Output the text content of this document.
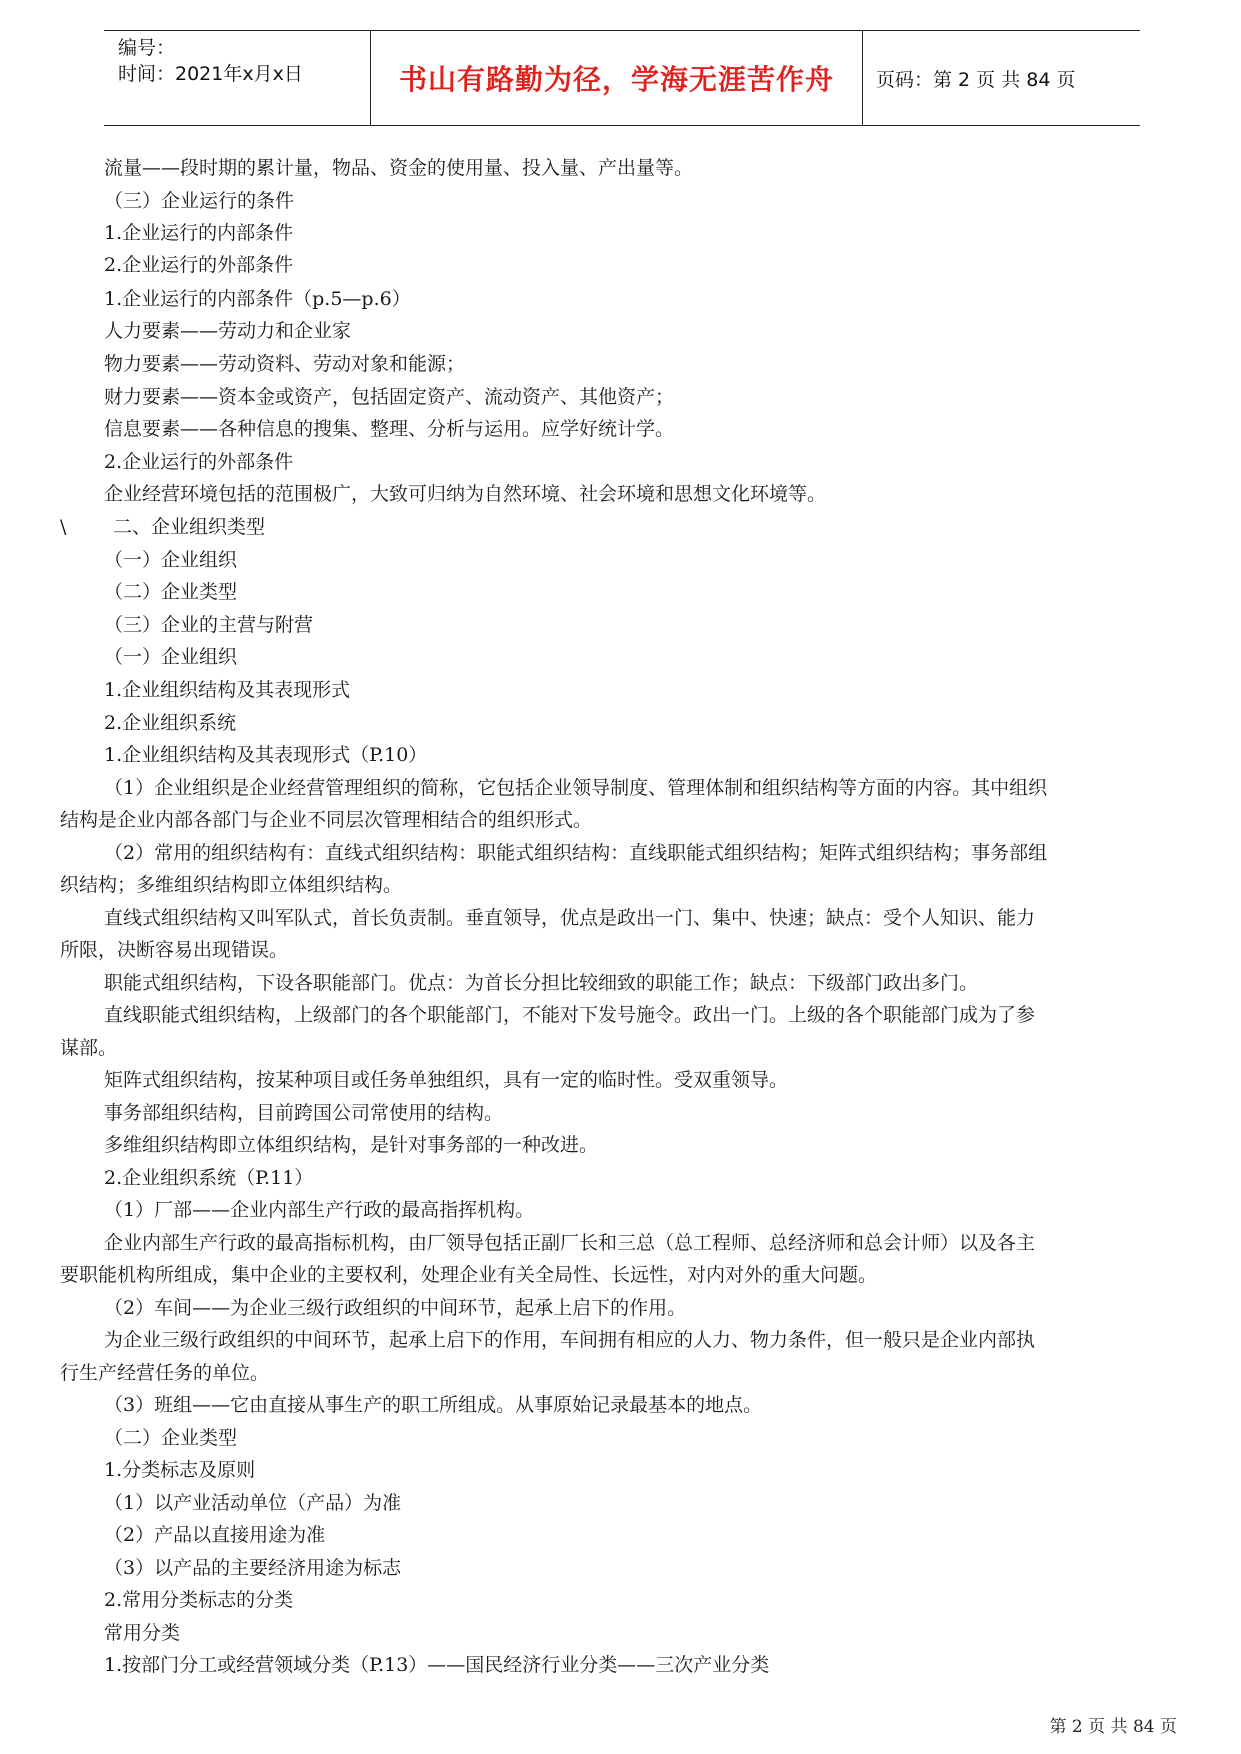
编号：
时间：2021年x月x日	书山有路勤为径，学海无涯苦作舟 页码：第 2 页 共 84 页
流量——段时期的累计量，物品、资金的使用量、投入量、产出量等。
（三）企业运行的条件
1.企业运行的内部条件
2.企业运行的外部条件
1.企业运行的内部条件（p.5—p.6）
人力要素——劳动力和企业家
物力要素——劳动资料、劳动对象和能源；
财力要素——资本金或资产，包括固定资产、流动资产、其他资产；
信息要素——各种信息的搜集、整理、分析与运用。应学好统计学。
2.企业运行的外部条件
企业经营环境包括的范围极广，大致可归纳为自然环境、社会环境和思想文化环境等。
\ 二、企业组织类型
（一）企业组织
（二）企业类型
（三）企业的主营与附营
（一）企业组织
1.企业组织结构及其表现形式
2.企业组织系统
1.企业组织结构及其表现形式（P.10）
（1）企业组织是企业经营管理组织的简称，它包括企业领导制度、管理体制和组织结构等方面的内容。其中组织
结构是企业内部各部门与企业不同层次管理相结合的组织形式。
（2）常用的组织结构有：直线式组织结构：职能式组织结构：直线职能式组织结构；矩阵式组织结构；事务部组
织结构；多维组织结构即立体组织结构。
直线式组织结构又叫军队式，首长负责制。垂直领导，优点是政出一门、集中、快速；缺点：受个人知识、能力
所限，决断容易出现错误。
职能式组织结构，下设各职能部门。优点：为首长分担比较细致的职能工作；缺点：下级部门政出多门。
直线职能式组织结构，上级部门的各个职能部门，不能对下发号施令。政出一门。上级的各个职能部门成为了参
谋部。
矩阵式组织结构，按某种项目或任务单独组织，具有一定的临时性。受双重领导。
事务部组织结构，目前跨国公司常使用的结构。
多维组织结构即立体组织结构，是针对事务部的一种改进。
2.企业组织系统（P.11）
（1）厂部——企业内部生产行政的最高指挥机构。
企业内部生产行政的最高指标机构，由厂领导包括正副厂长和三总（总工程师、总经济师和总会计师）以及各主
要职能机构所组成，集中企业的主要权利，处理企业有关全局性、长远性，对内对外的重大问题。
（2）车间——为企业三级行政组织的中间环节，起承上启下的作用。
为企业三级行政组织的中间环节，起承上启下的作用，车间拥有相应的人力、物力条件，但一般只是企业内部执
行生产经营任务的单位。
（3）班组——它由直接从事生产的职工所组成。从事原始记录最基本的地点。
（二）企业类型
1.分类标志及原则
（1）以产业活动单位（产品）为准
（2）产品以直接用途为准
（3）以产品的主要经济用途为标志
2.常用分类标志的分类
常用分类
1.按部门分工或经营领域分类（P.13）——国民经济行业分类——三次产业分类
第 2 页 共 84 页
